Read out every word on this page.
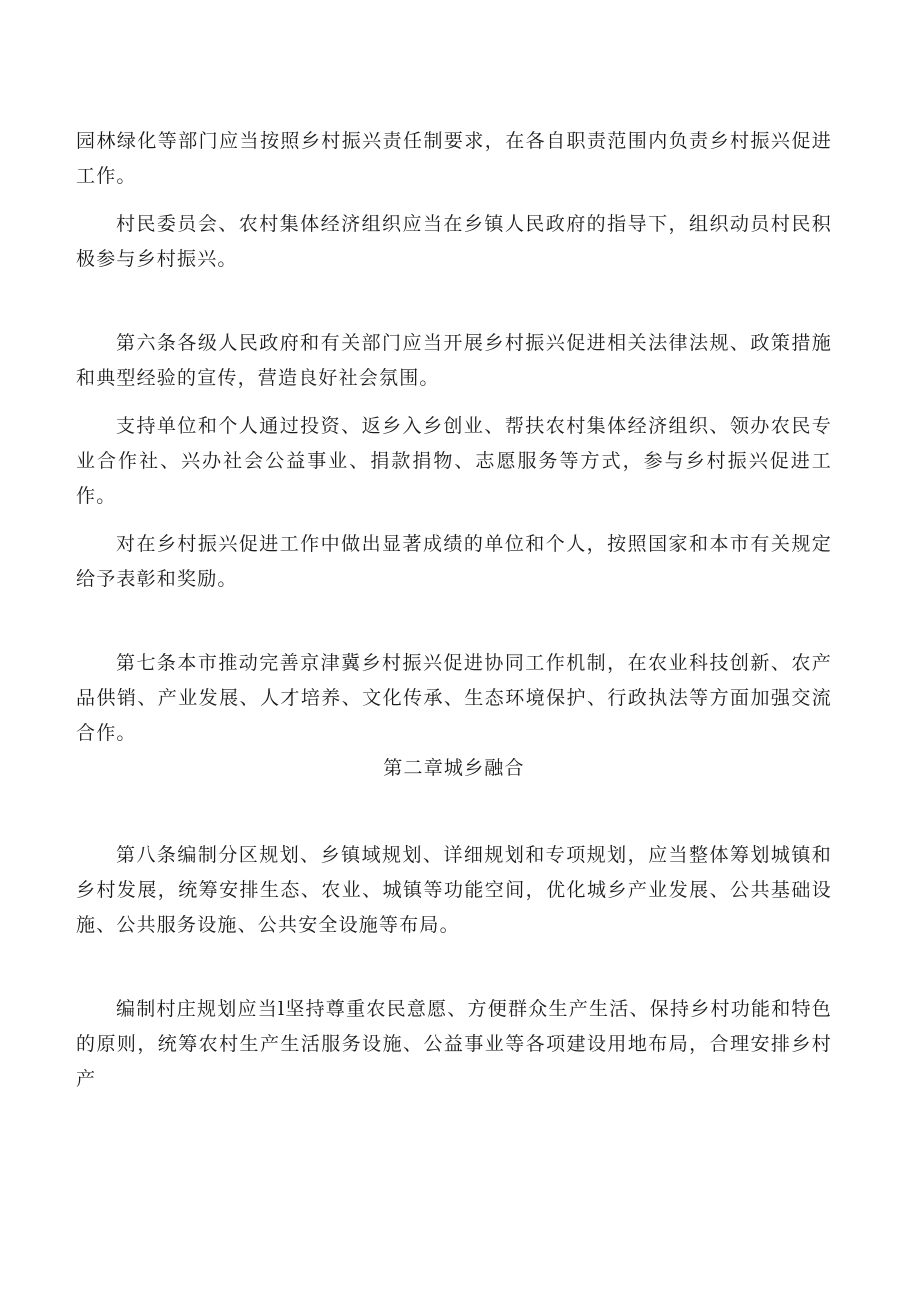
园林绿化等部门应当按照乡村振兴责任制要求，在各自职责范围内负责乡村振兴促进工作。

村民委员会、农村集体经济组织应当在乡镇人民政府的指导下，组织动员村民积极参与乡村振兴。

第六条各级人民政府和有关部门应当开展乡村振兴促进相关法律法规、政策措施和典型经验的宣传，营造良好社会氛围。

支持单位和个人通过投资、返乡入乡创业、帮扶农村集体经济组织、领办农民专业合作社、兴办社会公益事业、捐款捐物、志愿服务等方式，参与乡村振兴促进工作。

对在乡村振兴促进工作中做出显著成绩的单位和个人，按照国家和本市有关规定给予表彰和奖励。

第七条本市推动完善京津冀乡村振兴促进协同工作机制，在农业科技创新、农产品供销、产业发展、人才培养、文化传承、生态环境保护、行政执法等方面加强交流合作。

第二章城乡融合

第八条编制分区规划、乡镇域规划、详细规划和专项规划，应当整体筹划城镇和乡村发展，统筹安排生态、农业、城镇等功能空间，优化城乡产业发展、公共基础设施、公共服务设施、公共安全设施等布局。

编制村庄规划应当l坚持尊重农民意愿、方便群众生产生活、保持乡村功能和特色的原则，统筹农村生产生活服务设施、公益事业等各项建设用地布局，合理安排乡村产
